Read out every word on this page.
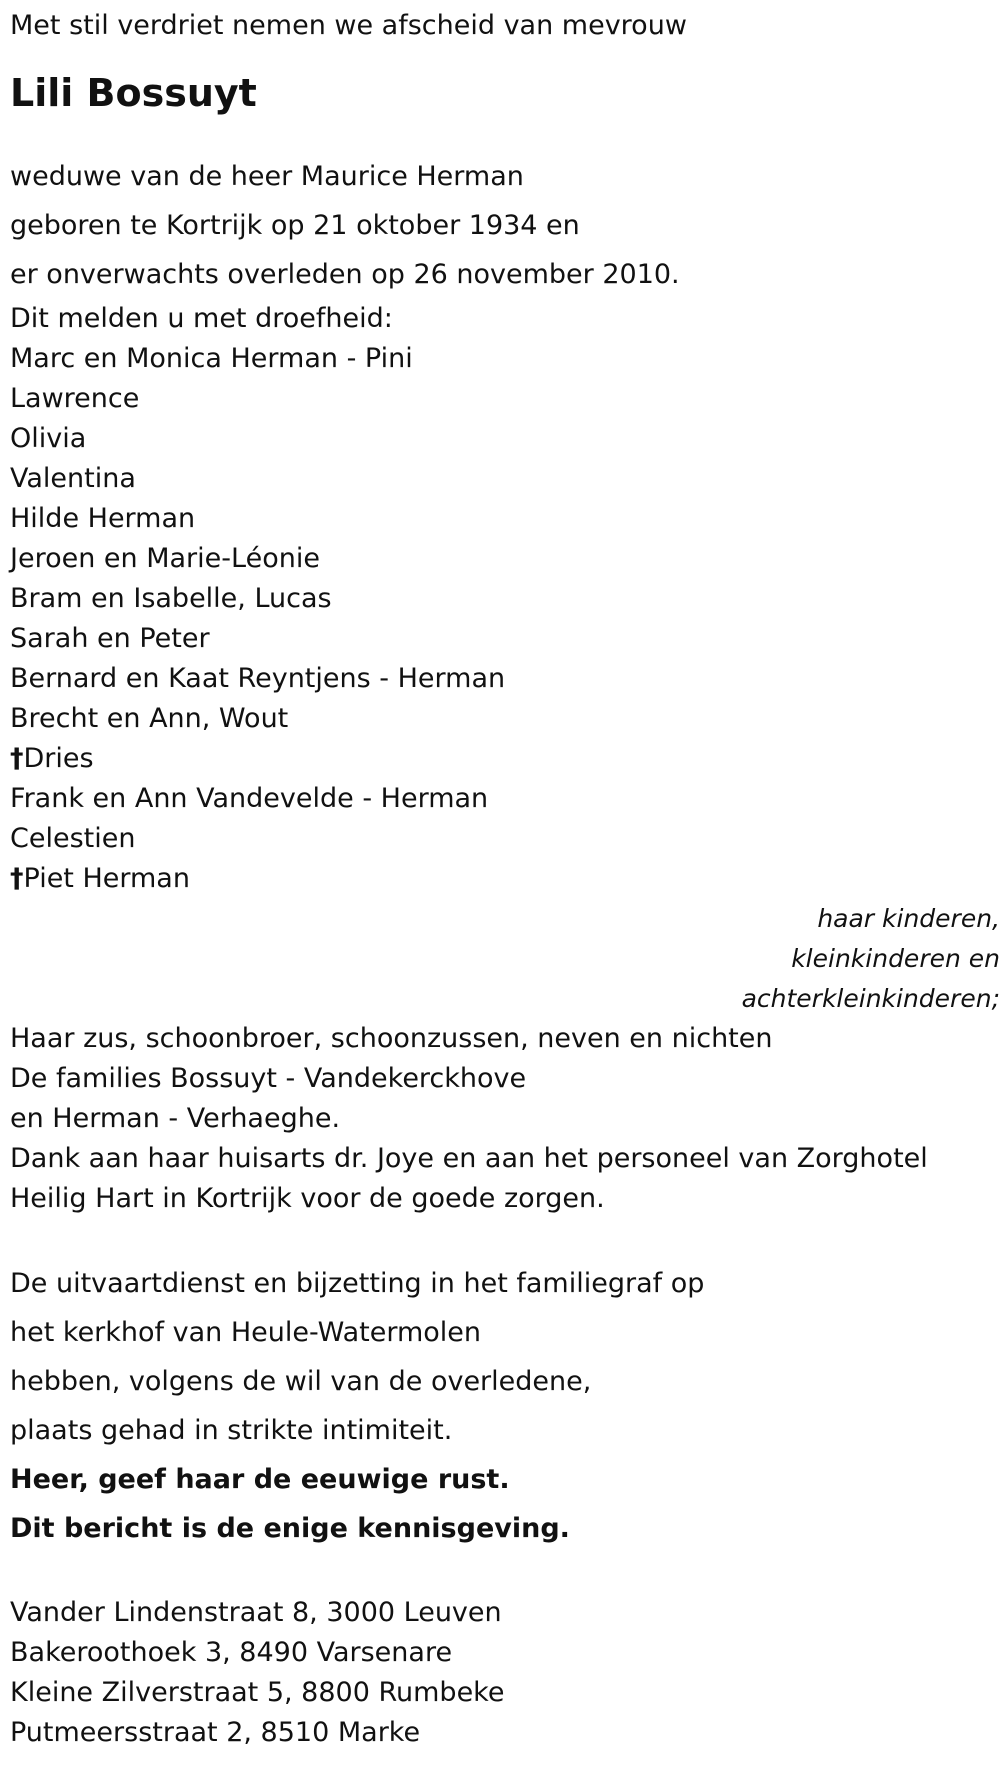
Met stil verdriet nemen we afscheid van mevrouw
Lili Bossuyt
weduwe van de heer Maurice Herman
geboren te Kortrijk op 21 oktober 1934 en
er onverwachts overleden op 26 november 2010.
Dit melden u met droefheid:
Marc en Monica Herman - Pini
Lawrence
Olivia
Valentina
Hilde Herman
Jeroen en Marie-Léonie
Bram en Isabelle, Lucas
Sarah en Peter
Bernard en Kaat Reyntjens - Herman
Brecht en Ann, Wout
†Dries
Frank en Ann Vandevelde - Herman
Celestien
†Piet Herman
haar kinderen,
kleinkinderen en
achterkleinkinderen;
Haar zus, schoonbroer, schoonzussen, neven en nichten
De families Bossuyt - Vandekerckhove
en Herman - Verhaeghe.
Dank aan haar huisarts dr. Joye en aan het personeel van Zorghotel
Heilig Hart in Kortrijk voor de goede zorgen.
De uitvaartdienst en bijzetting in het familiegraf op
het kerkhof van Heule-Watermolen
hebben, volgens de wil van de overledene,
plaats gehad in strikte intimiteit.
Heer, geef haar de eeuwige rust.
Dit bericht is de enige kennisgeving.
Vander Lindenstraat 8, 3000 Leuven
Bakeroothoek 3, 8490 Varsenare
Kleine Zilverstraat 5, 8800 Rumbeke
Putmeersstraat 2, 8510 Marke
